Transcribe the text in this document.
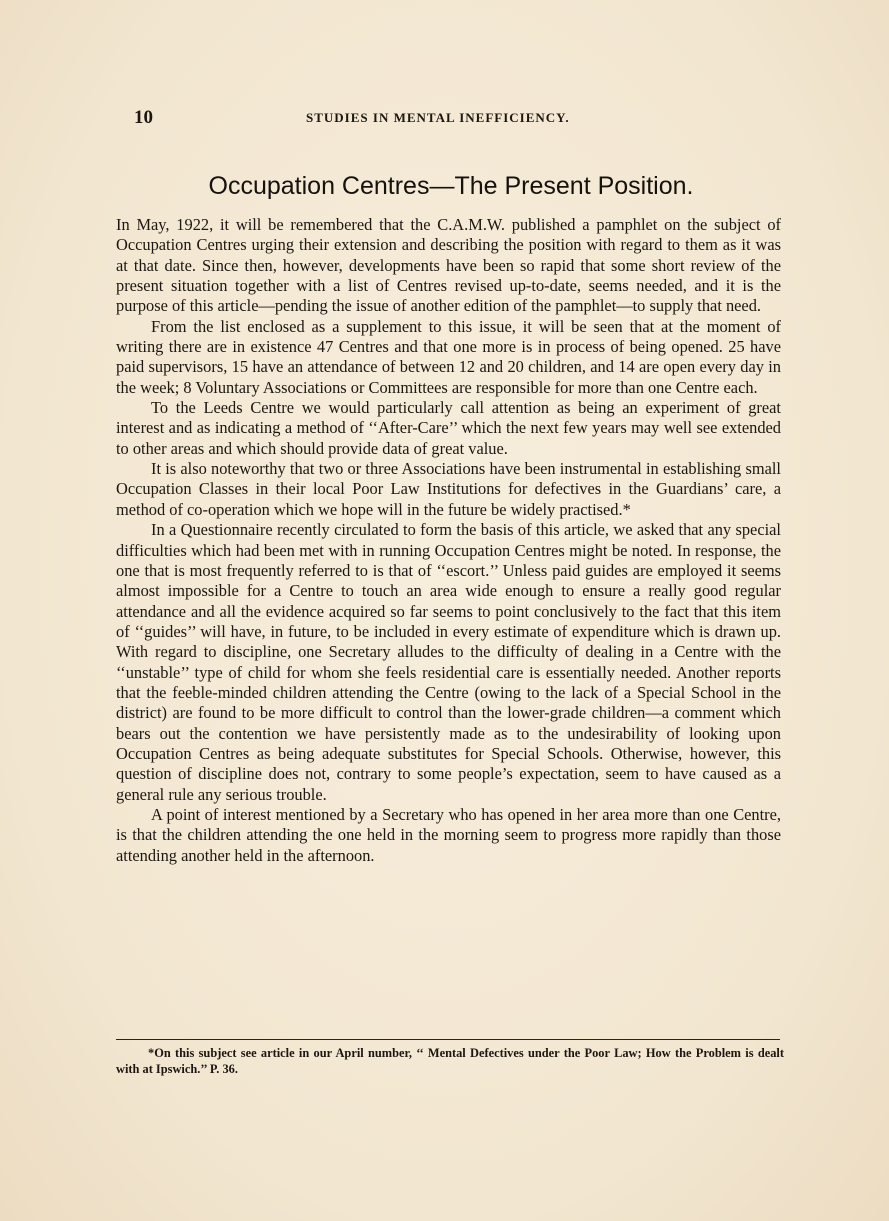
10	STUDIES IN MENTAL INEFFICIENCY.
Occupation Centres—The Present Position.

In May, 1922, it will be remembered that the C.A.M.W. published a pamphlet on the subject of Occupation Centres urging their extension and describing the position with regard to them as it was at that date. Since then, however, developments have been so rapid that some short review of the present situation together with a list of Centres revised up-to-date, seems needed, and it is the purpose of this article—pending the issue of another edition of the pamphlet—to supply that need.

From the list enclosed as a supplement to this issue, it will be seen that at the moment of writing there are in existence 47 Centres and that one more is in process of being opened. 25 have paid supervisors, 15 have an attendance of between 12 and 20 children, and 14 are open every day in the week; 8 Voluntary Associations or Committees are responsible for more than one Centre each.

To the Leeds Centre we would particularly call attention as being an experiment of great interest and as indicating a method of ‘‘After-Care’’ which the next few years may well see extended to other areas and which should provide data of great value.

It is also noteworthy that two or three Associations have been instrumental in establishing small Occupation Classes in their local Poor Law Institutions for defectives in the Guardians’ care, a method of co-operation which we hope will in the future be widely practised.*

In a Questionnaire recently circulated to form the basis of this article, we asked that any special difficulties which had been met with in running Occupation Centres might be noted. In response, the one that is most frequently referred to is that of ‘‘escort.’’ Unless paid guides are employed it seems almost impossible for a Centre to touch an area wide enough to ensure a really good regular attendance and all the evidence acquired so far seems to point conclusively to the fact that this item of ‘‘guides’’ will have, in future, to be included in every estimate of expenditure which is drawn up. With regard to discipline, one Secretary alludes to the difficulty of dealing in a Centre with the ‘‘unstable’’ type of child for whom she feels residential care is essentially needed. Another reports that the feeble-minded children attending the Centre (owing to the lack of a Special School in the district) are found to be more difficult to control than the lower-grade children—a comment which bears out the contention we have persistently made as to the undesirability of looking upon Occupation Centres as being adequate substitutes for Special Schools. Otherwise, however, this question of discipline does not, contrary to some people’s expectation, seem to have caused as a general rule any serious trouble.

A point of interest mentioned by a Secretary who has opened in her area more than one Centre, is that the children attending the one held in the morning seem to progress more rapidly than those attending another held in the afternoon.

*On this subject see article in our April number, ‘‘ Mental Defectives under the Poor Law; How the Problem is dealt with at Ipswich.’’ P. 36.
